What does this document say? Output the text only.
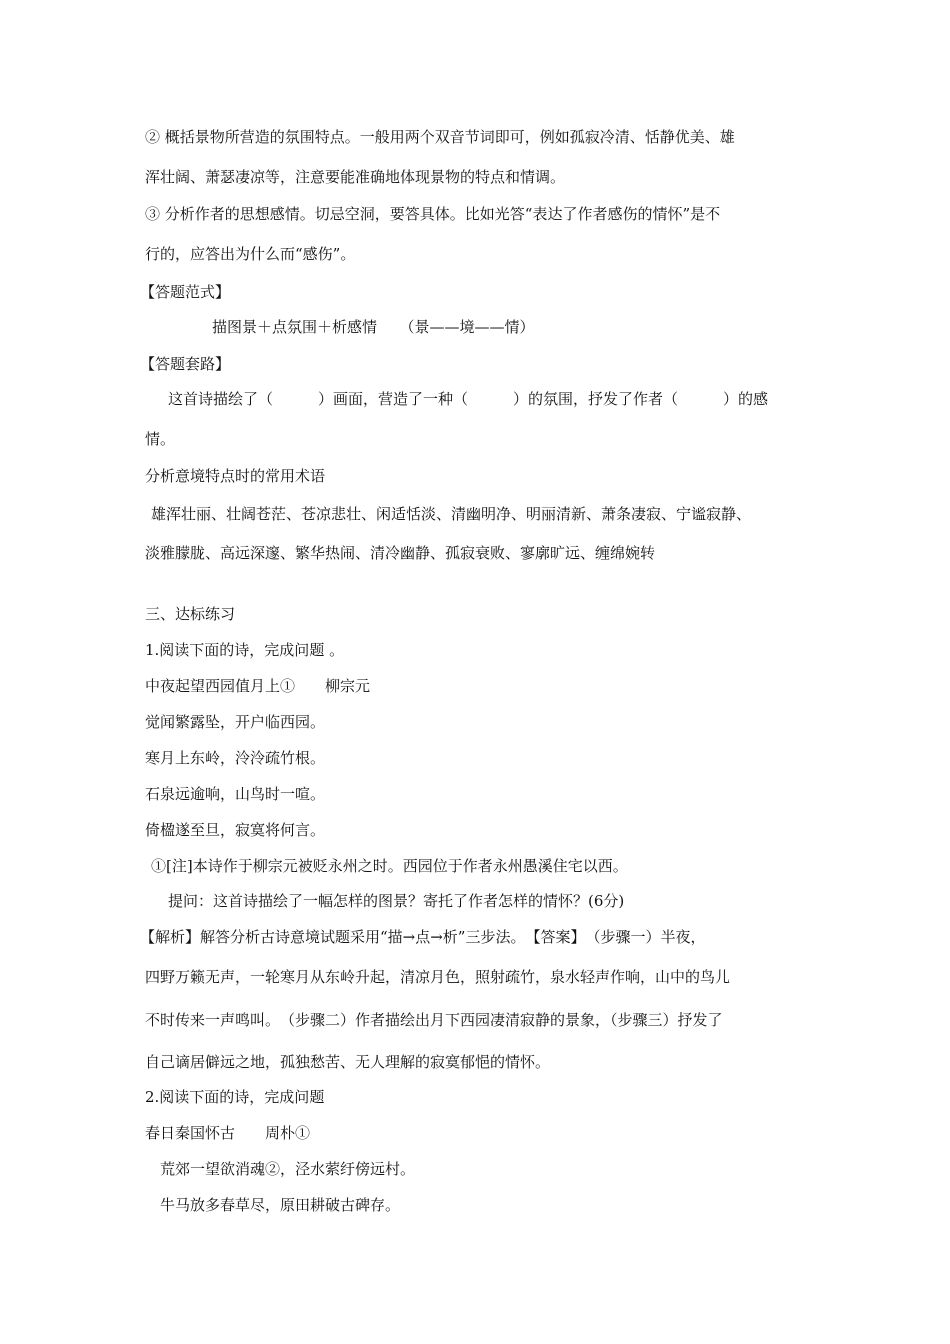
② 概括景物所营造的氛围特点。一般用两个双音节词即可，例如孤寂冷清、恬静优美、雄
浑壮阔、萧瑟凄凉等，注意要能准确地体现景物的特点和情调。
③ 分析作者的思想感情。切忌空洞，要答具体。比如光答“表达了作者感伤的情怀”是不
行的，应答出为什么而“感伤”。
【答题范式】
描图景＋点氛围＋析感情　　（景——境——情）
【答题套路】
这首诗描绘了（　　　）画面，营造了一种（　　　）的氛围，抒发了作者（　　　）的感
情。
分析意境特点时的常用术语
雄浑壮丽、壮阔苍茫、苍凉悲壮、闲适恬淡、清幽明净、明丽清新、萧条凄寂、宁谧寂静、
淡雅朦胧、高远深邃、繁华热闹、清冷幽静、孤寂衰败、寥廓旷远、缠绵婉转
三、达标练习
1.阅读下面的诗，完成问题 。
中夜起望西园值月上①　　柳宗元
觉闻繁露坠，开户临西园。
寒月上东岭，泠泠疏竹根。
石泉远逾响，山鸟时一喧。
倚楹遂至旦，寂寞将何言。
①[注]本诗作于柳宗元被贬永州之时。西园位于作者永州愚溪住宅以西。
提问：这首诗描绘了一幅怎样的图景？寄托了作者怎样的情怀？(6分)
【解析】解答分析古诗意境试题采用“描→点→析”三步法。　【答案】　（步骤一）半夜，
四野万籁无声，一轮寒月从东岭升起，清凉月色，照射疏竹，泉水轻声作响，山中的鸟儿
不时传来一声鸣叫。　（步骤二）作者描绘出月下西园凄清寂静的景象，（步骤三）抒发了
自己谪居僻远之地，孤独愁苦、无人理解的寂寞郁悒的情怀。
2.阅读下面的诗，完成问题
春日秦国怀古　　周朴①
荒郊一望欲消魂②，泾水萦纡傍远村。
牛马放多春草尽，原田耕破古碑存。
